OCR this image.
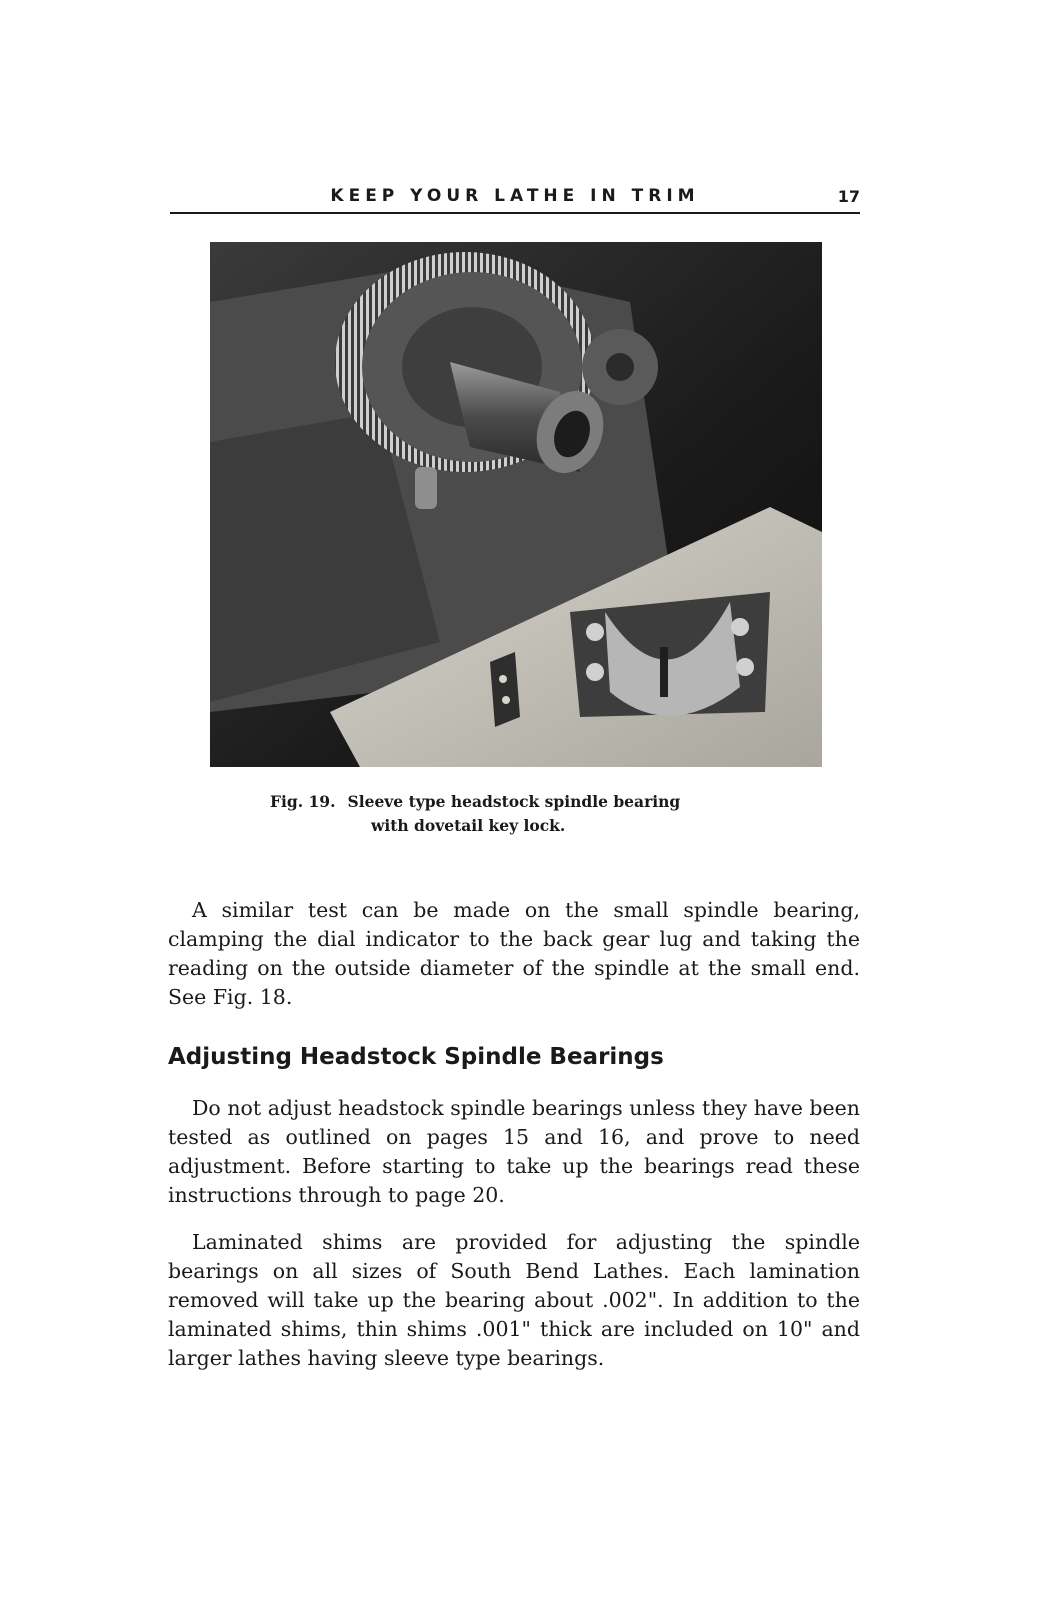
KEEP YOUR LATHE IN TRIM	17
Fig. 19. Sleeve type headstock spindle bearing
with dovetail key lock.

A similar test can be made on the small spindle bearing, clamping the dial indicator to the back gear lug and taking the reading on the outside diameter of the spindle at the small end. See Fig. 18.

Adjusting Headstock Spindle Bearings

Do not adjust headstock spindle bearings unless they have been tested as outlined on pages 15 and 16, and prove to need adjustment. Before starting to take up the bearings read these instructions through to page 20.

Laminated shims are provided for adjusting the spindle bearings on all sizes of South Bend Lathes. Each lamination removed will take up the bearing about .002". In addition to the laminated shims, thin shims .001" thick are included on 10" and larger lathes having sleeve type bearings.
